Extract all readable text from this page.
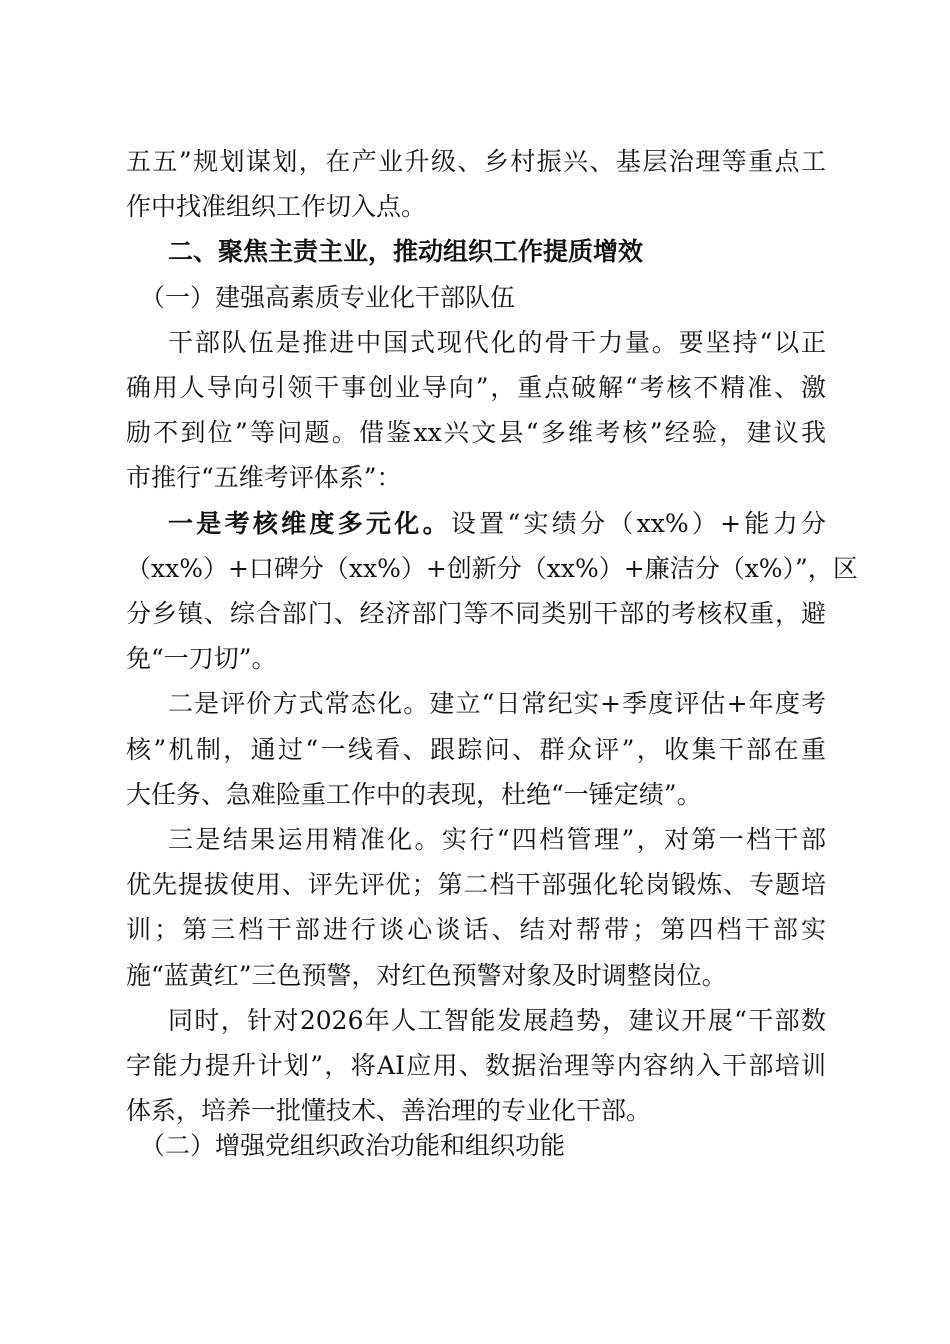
五五”规划谋划，在产业升级、乡村振兴、基层治理等重点工
作中找准组织工作切入点。
二、聚焦主责主业，推动组织工作提质增效
（一）建强高素质专业化干部队伍
干部队伍是推进中国式现代化的骨干力量。要坚持“以正
确用人导向引领干事创业导向”，重点破解“考核不精准、激
励不到位”等问题。借鉴xx兴文县“多维考核”经验，建议我
市推行“五维考评体系”：
一是考核维度多元化。设置“实绩分（xx%）+能力分
（xx%）+口碑分（xx%）+创新分（xx%）+廉洁分（x%）”，区
分乡镇、综合部门、经济部门等不同类别干部的考核权重，避
免“一刀切”。
二是评价方式常态化。建立“日常纪实+季度评估+年度考
核”机制，通过“一线看、跟踪问、群众评”，收集干部在重
大任务、急难险重工作中的表现，杜绝“一锤定绩”。
三是结果运用精准化。实行“四档管理”，对第一档干部
优先提拔使用、评先评优；第二档干部强化轮岗锻炼、专题培
训；第三档干部进行谈心谈话、结对帮带；第四档干部实
施“蓝黄红”三色预警，对红色预警对象及时调整岗位。
同时，针对2026年人工智能发展趋势，建议开展“干部数
字能力提升计划”，将AI应用、数据治理等内容纳入干部培训
体系，培养一批懂技术、善治理的专业化干部。
（二）增强党组织政治功能和组织功能
